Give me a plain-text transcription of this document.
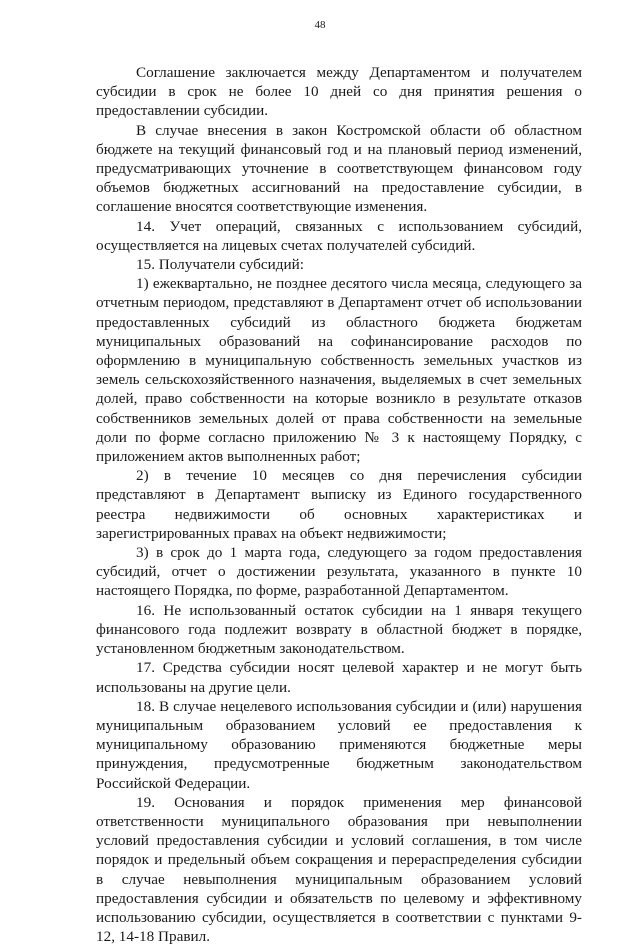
48

Соглашение заключается между Департаментом и получателем субсидии в срок не более 10 дней со дня принятия решения о предоставлении субсидии.

В случае внесения в закон Костромской области об областном бюджете на текущий финансовый год и на плановый период изменений, предусматривающих уточнение в соответствующем финансовом году объемов бюджетных ассигнований на предоставление субсидии, в соглашение вносятся соответствующие изменения.

14. Учет операций, связанных с использованием субсидий, осуществляется на лицевых счетах получателей субсидий.

15. Получатели субсидий:

1) ежеквартально, не позднее десятого числа месяца, следующего за отчетным периодом, представляют в Департамент отчет об использовании предоставленных субсидий из областного бюджета бюджетам муниципальных образований на софинансирование расходов по оформлению в муниципальную собственность земельных участков из земель сельскохозяйственного назначения, выделяемых в счет земельных долей, право собственности на которые возникло в результате отказов собственников земельных долей от права собственности на земельные доли по форме согласно приложению № 3 к настоящему Порядку, с приложением актов выполненных работ;

2) в течение 10 месяцев со дня перечисления субсидии представляют в Департамент выписку из Единого государственного реестра недвижимости об основных характеристиках и зарегистрированных правах на объект недвижимости;

3) в срок до 1 марта года, следующего за годом предоставления субсидий, отчет о достижении результата, указанного в пункте 10 настоящего Порядка, по форме, разработанной Департаментом.

16. Не использованный остаток субсидии на 1 января текущего финансового года подлежит возврату в областной бюджет в порядке, установленном бюджетным законодательством.

17. Средства субсидии носят целевой характер и не могут быть использованы на другие цели.

18. В случае нецелевого использования субсидии и (или) нарушения муниципальным образованием условий ее предоставления к муниципальному образованию применяются бюджетные меры принуждения, предусмотренные бюджетным законодательством Российской Федерации.

19. Основания и порядок применения мер финансовой ответственности муниципального образования при невыполнении условий предоставления субсидии и условий соглашения, в том числе порядок и предельный объем сокращения и перераспределения субсидии в случае невыполнения муниципальным образованием условий предоставления субсидии и обязательств по целевому и эффективному использованию субсидии, осуществляется в соответствии с пунктами 9-12, 14-18 Правил.
